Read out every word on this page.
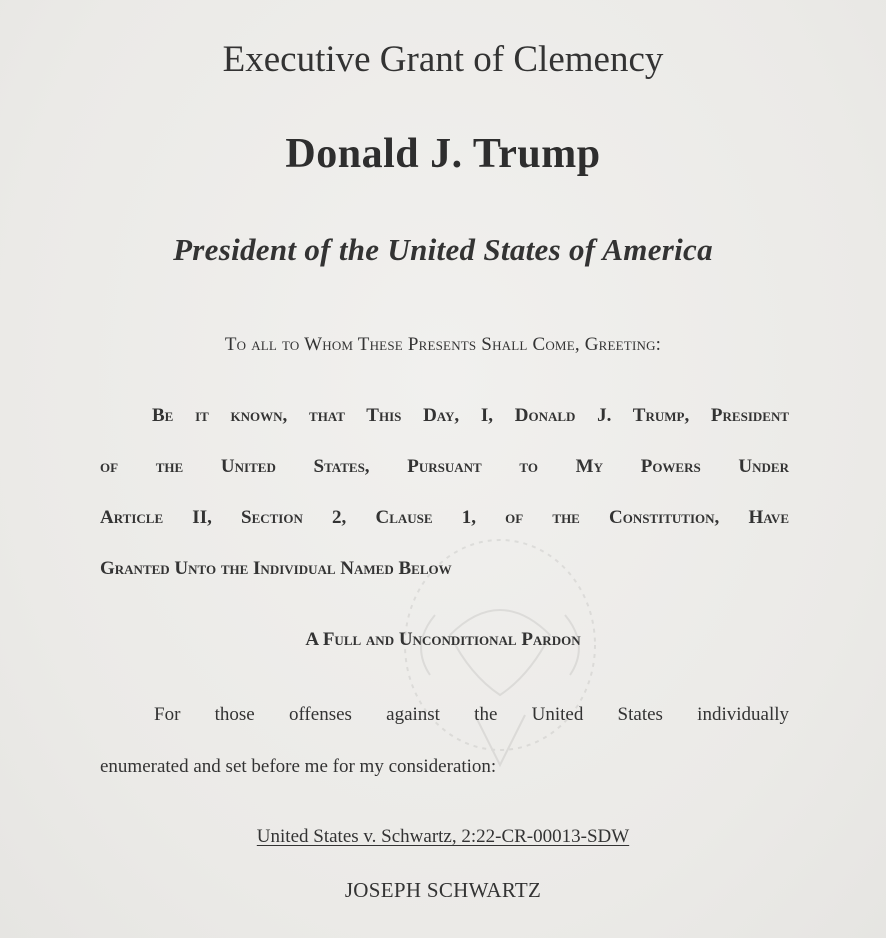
Executive Grant of Clemency
Donald J. Trump
President of the United States of America
To all to Whom These Presents Shall Come, Greeting:
Be it known, that This Day, I, Donald J. Trump, President
of the United States, Pursuant to My Powers Under
Article II, Section 2, Clause 1, of the Constitution, Have
Granted Unto the Individual Named Below
A Full and Unconditional Pardon
For those offenses against the United States individually
enumerated and set before me for my consideration:
United States v. Schwartz, 2:22-CR-00013-SDW
JOSEPH SCHWARTZ
